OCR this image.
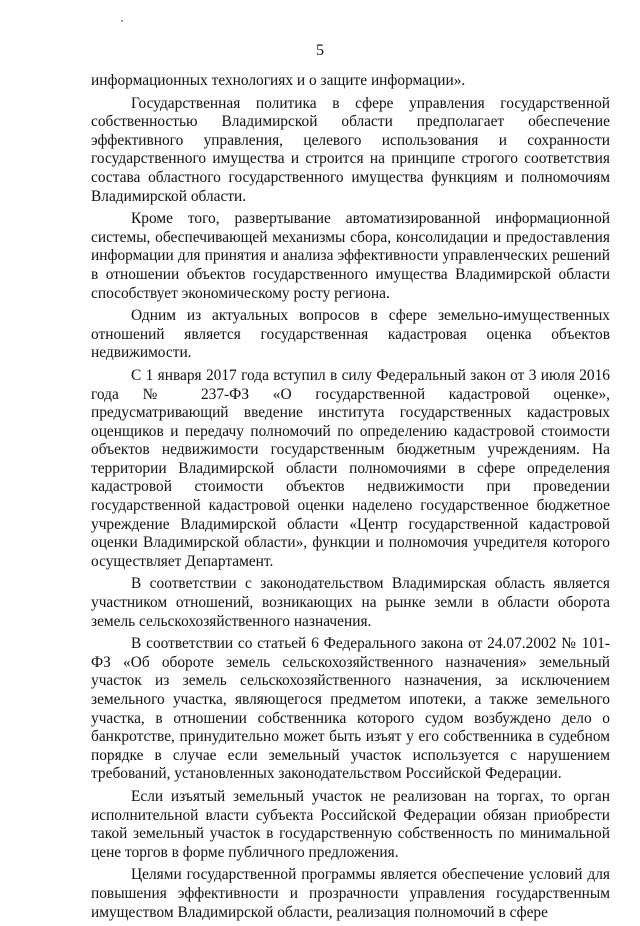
5

информационных технологиях и о защите информации».

Государственная политика в сфере управления государственной собственностью Владимирской области предполагает обеспечение эффективного управления, целевого использования и сохранности государственного имущества и строится на принципе строгого соответствия состава областного государственного имущества функциям и полномочиям Владимирской области.

Кроме того, развертывание автоматизированной информационной системы, обеспечивающей механизмы сбора, консолидации и предоставления информации для принятия и анализа эффективности управленческих решений в отношении объектов государственного имущества Владимирской области способствует экономическому росту региона.

Одним из актуальных вопросов в сфере земельно-имущественных отношений является государственная кадастровая оценка объектов недвижимости.

С 1 января 2017 года вступил в силу Федеральный закон от 3 июля 2016 года № 237-ФЗ «О государственной кадастровой оценке», предусматривающий введение института государственных кадастровых оценщиков и передачу полномочий по определению кадастровой стоимости объектов недвижимости государственным бюджетным учреждениям. На территории Владимирской области полномочиями в сфере определения кадастровой стоимости объектов недвижимости при проведении государственной кадастровой оценки наделено государственное бюджетное учреждение Владимирской области «Центр государственной кадастровой оценки Владимирской области», функции и полномочия учредителя которого осуществляет Департамент.

В соответствии с законодательством Владимирская область является участником отношений, возникающих на рынке земли в области оборота земель сельскохозяйственного назначения.

В соответствии со статьей 6 Федерального закона от 24.07.2002 № 101-ФЗ «Об обороте земель сельскохозяйственного назначения» земельный участок из земель сельскохозяйственного назначения, за исключением земельного участка, являющегося предметом ипотеки, а также земельного участка, в отношении собственника которого судом возбуждено дело о банкротстве, принудительно может быть изъят у его собственника в судебном порядке в случае если земельный участок используется с нарушением требований, установленных законодательством Российской Федерации.

Если изъятый земельный участок не реализован на торгах, то орган исполнительной власти субъекта Российской Федерации обязан приобрести такой земельный участок в государственную собственность по минимальной цене торгов в форме публичного предложения.

Целями государственной программы является обеспечение условий для повышения эффективности и прозрачности управления государственным имуществом Владимирской области, реализация полномочий в сфере
